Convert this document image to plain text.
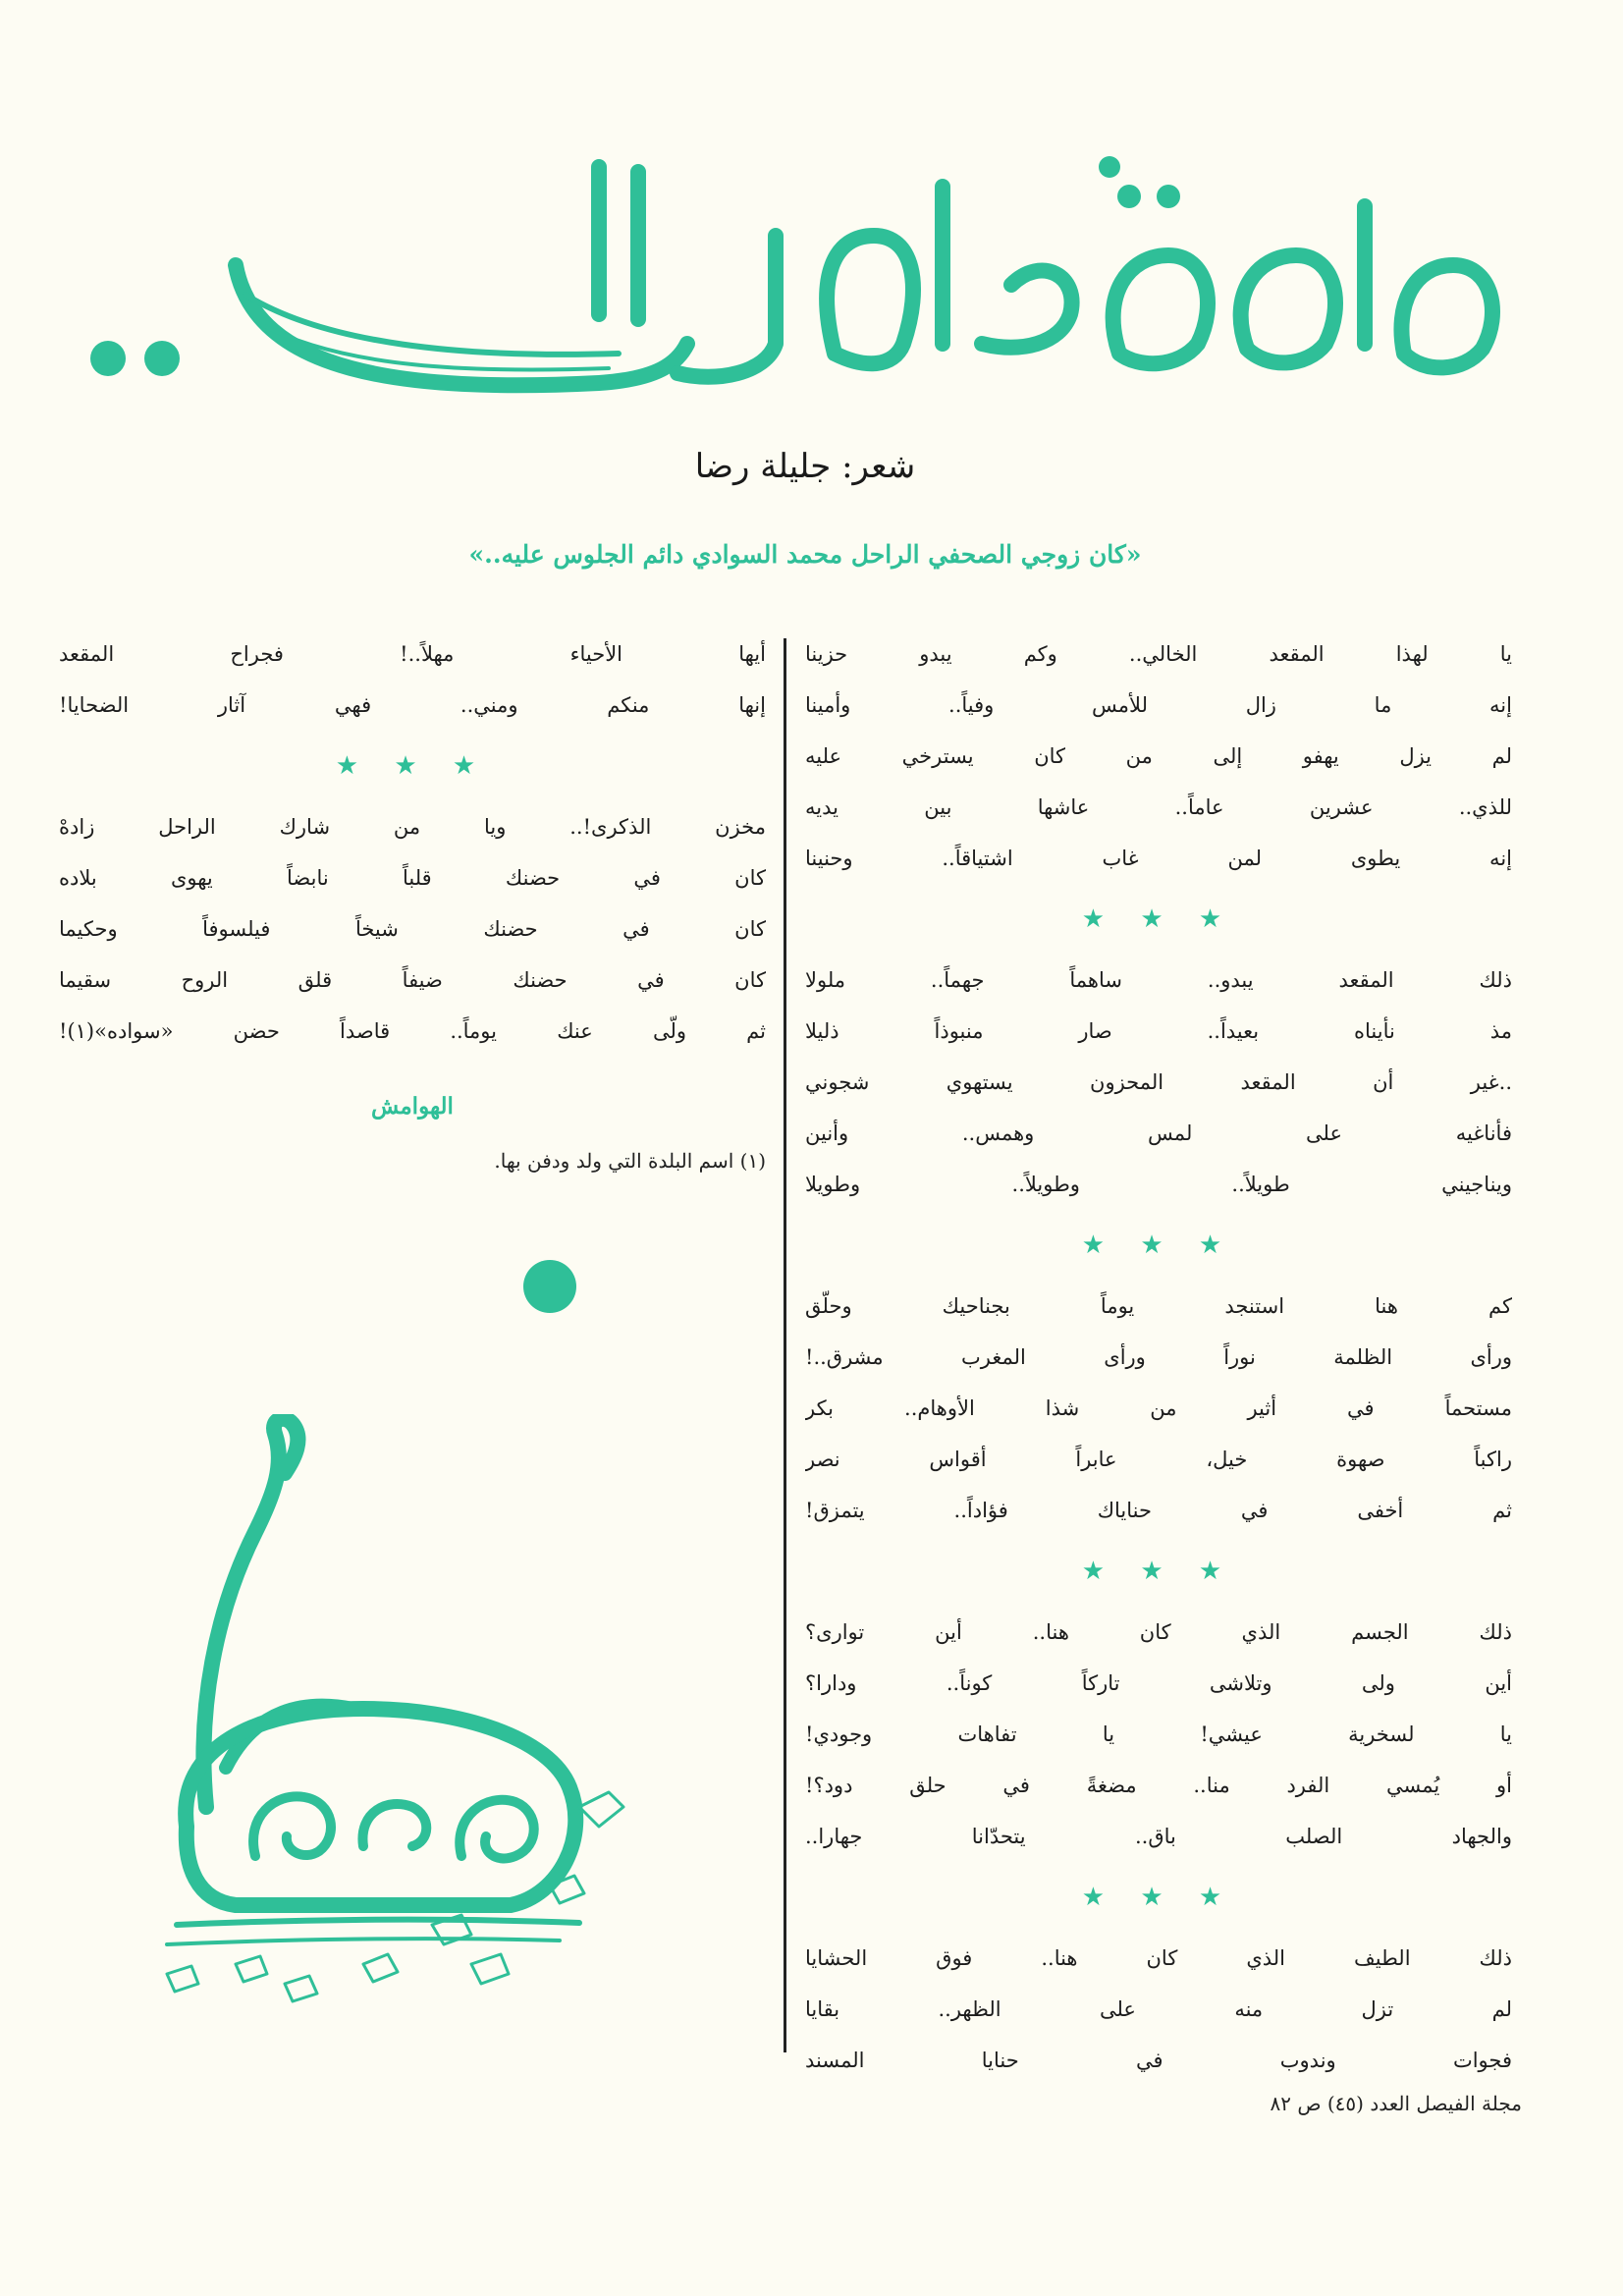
شعر: جليلة رضا
«كان زوجي الصحفي الراحل محمد السوادي دائم الجلوس عليه..»
يا لهذا المقعد الخالي.. وكم يبدو حزينا
إنه ما زال للأمس وفياً.. وأمينا
لم يزل يهفو إلى من كان يسترخي عليه
للذي.. عشرين عاماً.. عاشها بين يديه
إنه يطوى لمن غاب اشتياقاً.. وحنينا
★ ★ ★
ذلك المقعد يبدو.. ساهماً جهماً.. ملولا
مذ نأيناه بعيداً.. صار منبوذاً ذليلا
..غير أن المقعد المحزون يستهوي شجوني
فأناغيه على لمس وهمس.. وأنين
ويناجيني طويلاً.. وطويلاً.. وطويلا
★ ★ ★
كم هنا استنجد يوماً بجناحيك وحلّق
ورأى الظلمة نوراً ورأى المغرب مشرق..!
مستحماً في أثير من شذا الأوهام.. بكر
راكباً صهوة خيل، عابراً أقواس نصر
ثم أخفى في حناياك فؤاداً.. يتمزق!
★ ★ ★
ذلك الجسم الذي كان هنا.. أين توارى؟
أين ولى وتلاشى تاركاً كوناً.. ودارا؟
يا لسخرية عيشي! يا تفاهات وجودي!
أو يُمسي الفرد منا.. مضغةً في حلق دود؟!
والجهاد الصلب باق.. يتحدّانا جهارا..
★ ★ ★
ذلك الطيف الذي كان هنا.. فوق الحشايا
لم تزل منه على الظهر.. بقايا
فجوات وندوب في حنايا المسند
أيها الأحياء مهلاً..! فجراح المقعد
إنها منكم ومني.. فهي آثار الضحايا!
★ ★ ★
مخزن الذكرى!.. ويا من شارك الراحل زادهْ
كان في حضنك قلباً نابضاً يهوى بلاده
كان في حضنك شيخاً فيلسوفاً وحكيما
كان في حضنك ضيفاً قلق الروح سقيما
ثم ولّى عنك يوماً.. قاصداً حضن «سواده»(١)!
الهوامش
(١) اسم البلدة التي ولد ودفن بها.
مجلة الفيصل العدد (٤٥) ص ٨٢
